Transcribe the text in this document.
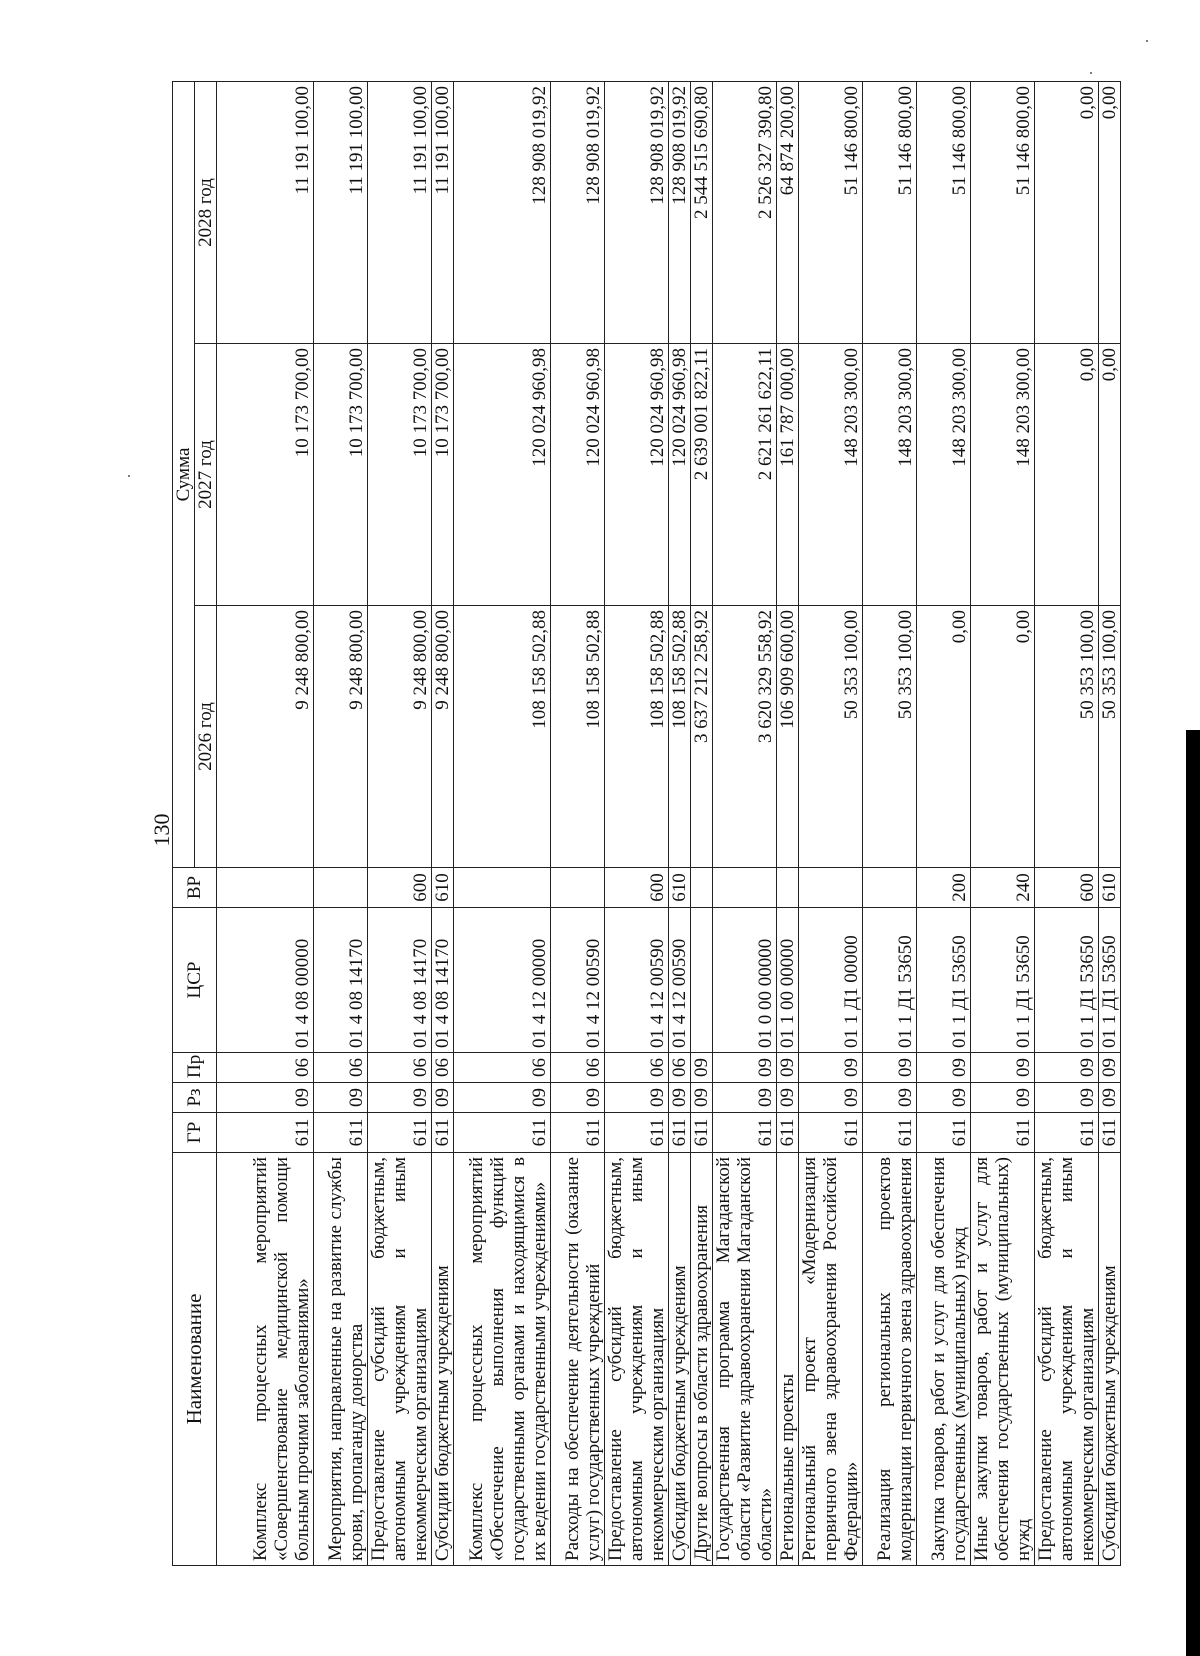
130
Наименование	ГР	Рз	Пр	ЦСР	ВР	Сумма		
						2026 год	2027 год	2028 год
Комплекс процессных мероприятий «Совершенствование медицинской помощи больным прочими заболеваниями»	611	09	06	01 4 08 00000		9 248 800,00	10 173 700,00	11 191 100,00
Мероприятия, направленные на развитие службы крови, пропаганду донорства	611	09	06	01 4 08 14170		9 248 800,00	10 173 700,00	11 191 100,00
Предоставление субсидий бюджетным, автономным учреждениям и иным некоммерческим организациям	611	09	06	01 4 08 14170	600	9 248 800,00	10 173 700,00	11 191 100,00
Субсидии бюджетным учреждениям	611	09	06	01 4 08 14170	610	9 248 800,00	10 173 700,00	11 191 100,00
Комплекс процессных мероприятий «Обеспечение выполнения функций государственными органами и находящимися в их ведении государственными учреждениями»	611	09	06	01 4 12 00000		108 158 502,88	120 024 960,98	128 908 019,92
Расходы на обеспечение деятельности (оказание услуг) государственных учреждений	611	09	06	01 4 12 00590		108 158 502,88	120 024 960,98	128 908 019,92
Предоставление субсидий бюджетным, автономным учреждениям и иным некоммерческим организациям	611	09	06	01 4 12 00590	600	108 158 502,88	120 024 960,98	128 908 019,92
Субсидии бюджетным учреждениям	611	09	06	01 4 12 00590	610	108 158 502,88	120 024 960,98	128 908 019,92
Другие вопросы в области здравоохранения	611	09	09			3 637 212 258,92	2 639 001 822,11	2 544 515 690,80
Государственная программа Магаданской области «Развитие здравоохранения Магаданской области»	611	09	09	01 0 00 00000		3 620 329 558,92	2 621 261 622,11	2 526 327 390,80
Региональные проекты	611	09	09	01 1 00 00000		106 909 600,00	161 787 000,00	64 874 200,00
Региональный проект «Модернизация первичного звена здравоохранения Российской Федерации»	611	09	09	01 1 Д1 00000		50 353 100,00	148 203 300,00	51 146 800,00
Реализация региональных проектов модернизации первичного звена здравоохранения	611	09	09	01 1 Д1 53650		50 353 100,00	148 203 300,00	51 146 800,00
Закупка товаров, работ и услуг для обеспечения государственных (муниципальных) нужд	611	09	09	01 1 Д1 53650	200	0,00	148 203 300,00	51 146 800,00
Иные закупки товаров, работ и услуг для обеспечения государственных (муниципальных) нужд	611	09	09	01 1 Д1 53650	240	0,00	148 203 300,00	51 146 800,00
Предоставление субсидий бюджетным, автономным учреждениям и иным некоммерческим организациям	611	09	09	01 1 Д1 53650	600	50 353 100,00	0,00	0,00
Субсидии бюджетным учреждениям	611	09	09	01 1 Д1 53650	610	50 353 100,00	0,00	0,00
